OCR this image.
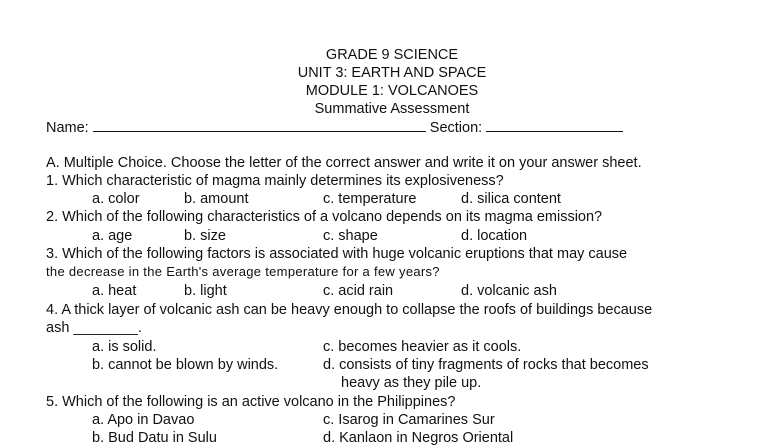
GRADE 9 SCIENCE
UNIT 3: EARTH AND SPACE
MODULE 1: VOLCANOES
Summative Assessment
Name:	Section:
A. Multiple Choice. Choose the letter of the correct answer and write it on your answer sheet.
1. Which characteristic of magma mainly determines its explosiveness?
a. color	b. amount	c. temperature	d. silica content
2. Which of the following characteristics of a volcano depends on its magma emission?
a. age	b. size	c. shape	d. location
3. Which of the following factors is associated with huge volcanic eruptions that may cause
the decrease in the Earth's average temperature for a few years?
a. heat	b. light	c. acid rain	d. volcanic ash
4. A thick layer of volcanic ash can be heavy enough to collapse the roofs of buildings because
ash ________.
a. is solid.	c. becomes heavier as it cools.
b. cannot be blown by winds.	d. consists of tiny fragments of rocks that becomes
heavy as they pile up.
5. Which of the following is an active volcano in the Philippines?
a. Apo in Davao	c. Isarog in Camarines Sur
b. Bud Datu in Sulu	d. Kanlaon in Negros Oriental
